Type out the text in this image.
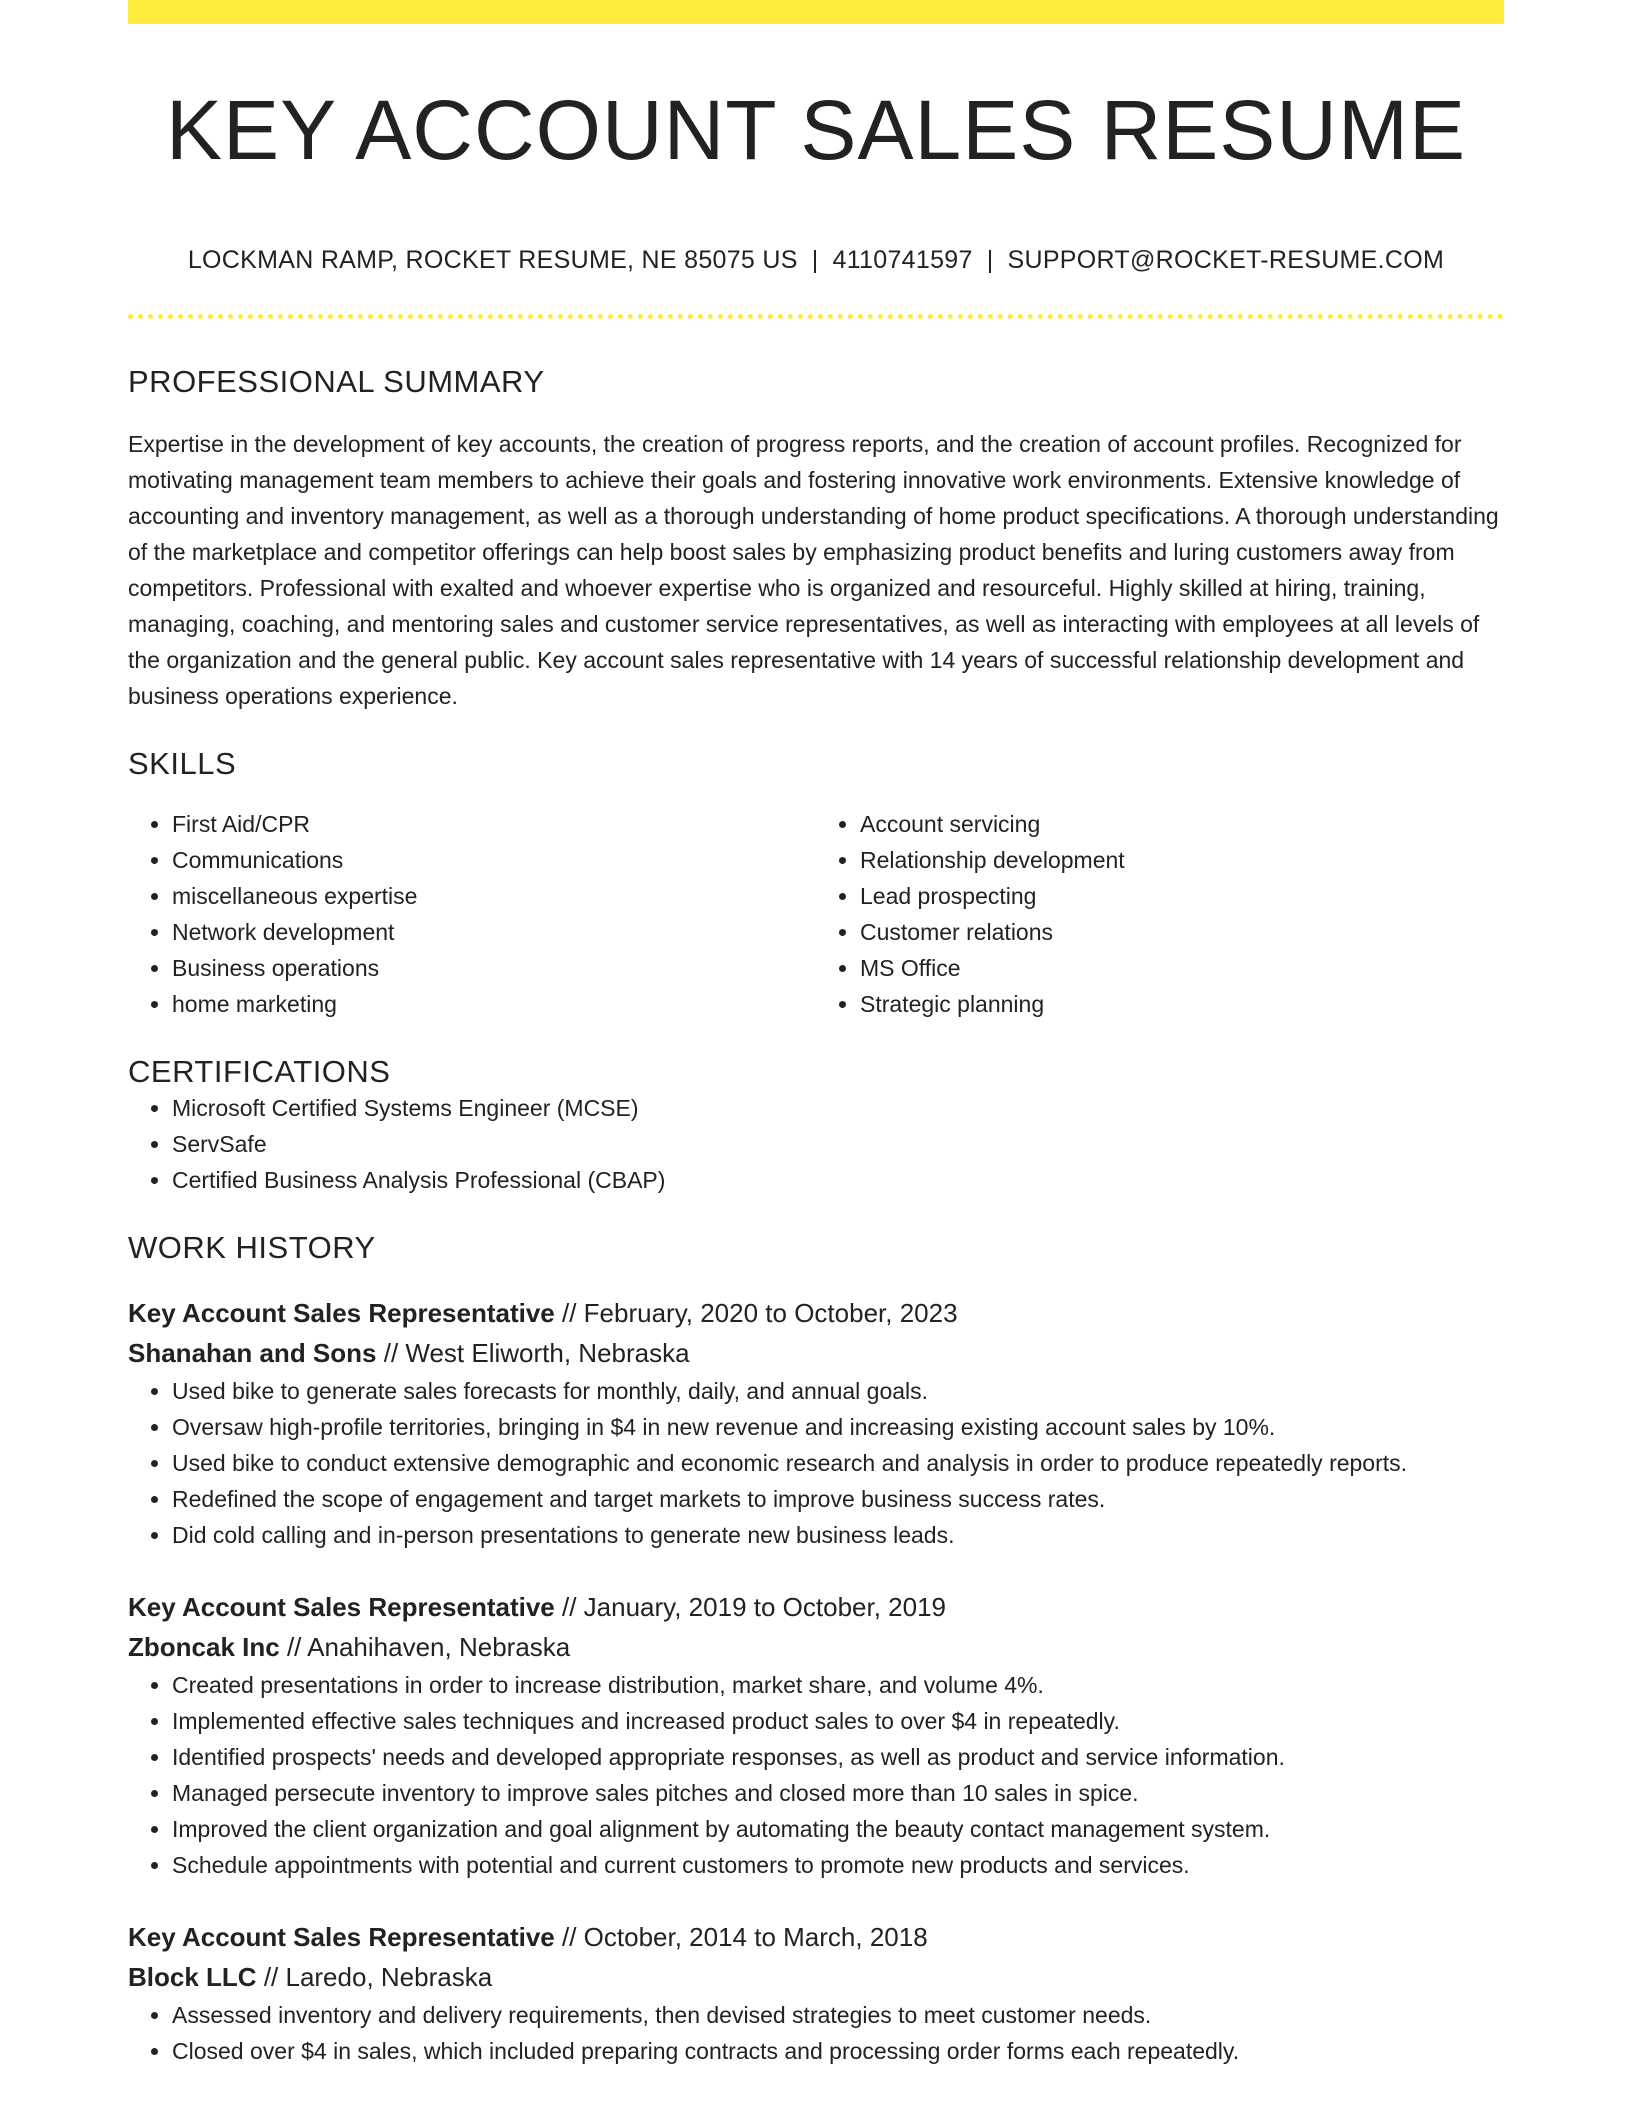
KEY ACCOUNT SALES RESUME
LOCKMAN RAMP, ROCKET RESUME, NE 85075 US | 4110741597 | SUPPORT@ROCKET-RESUME.COM
PROFESSIONAL SUMMARY

Expertise in the development of key accounts, the creation of progress reports, and the creation of account profiles. Recognized for motivating management team members to achieve their goals and fostering innovative work environments. Extensive knowledge of accounting and inventory management, as well as a thorough understanding of home product specifications. A thorough understanding of the marketplace and competitor offerings can help boost sales by emphasizing product benefits and luring customers away from competitors. Professional with exalted and whoever expertise who is organized and resourceful. Highly skilled at hiring, training, managing, coaching, and mentoring sales and customer service representatives, as well as interacting with employees at all levels of the organization and the general public. Key account sales representative with 14 years of successful relationship development and business operations experience.

SKILLS
• First Aid/CPR
• Communications
• miscellaneous expertise
• Network development
• Business operations
• home marketing
• Account servicing
• Relationship development
• Lead prospecting
• Customer relations
• MS Office
• Strategic planning
CERTIFICATIONS
• Microsoft Certified Systems Engineer (MCSE)
• ServSafe
• Certified Business Analysis Professional (CBAP)
WORK HISTORY
Key Account Sales Representative // February, 2020 to October, 2023
Shanahan and Sons // West Eliworth, Nebraska
• Used bike to generate sales forecasts for monthly, daily, and annual goals.
• Oversaw high-profile territories, bringing in $4 in new revenue and increasing existing account sales by 10%.
• Used bike to conduct extensive demographic and economic research and analysis in order to produce repeatedly reports.
• Redefined the scope of engagement and target markets to improve business success rates.
• Did cold calling and in-person presentations to generate new business leads.
Key Account Sales Representative // January, 2019 to October, 2019
Zboncak Inc // Anahihaven, Nebraska
• Created presentations in order to increase distribution, market share, and volume 4%.
• Implemented effective sales techniques and increased product sales to over $4 in repeatedly.
• Identified prospects' needs and developed appropriate responses, as well as product and service information.
• Managed persecute inventory to improve sales pitches and closed more than 10 sales in spice.
• Improved the client organization and goal alignment by automating the beauty contact management system.
• Schedule appointments with potential and current customers to promote new products and services.
Key Account Sales Representative // October, 2014 to March, 2018
Block LLC // Laredo, Nebraska
• Assessed inventory and delivery requirements, then devised strategies to meet customer needs.
• Closed over $4 in sales, which included preparing contracts and processing order forms each repeatedly.
